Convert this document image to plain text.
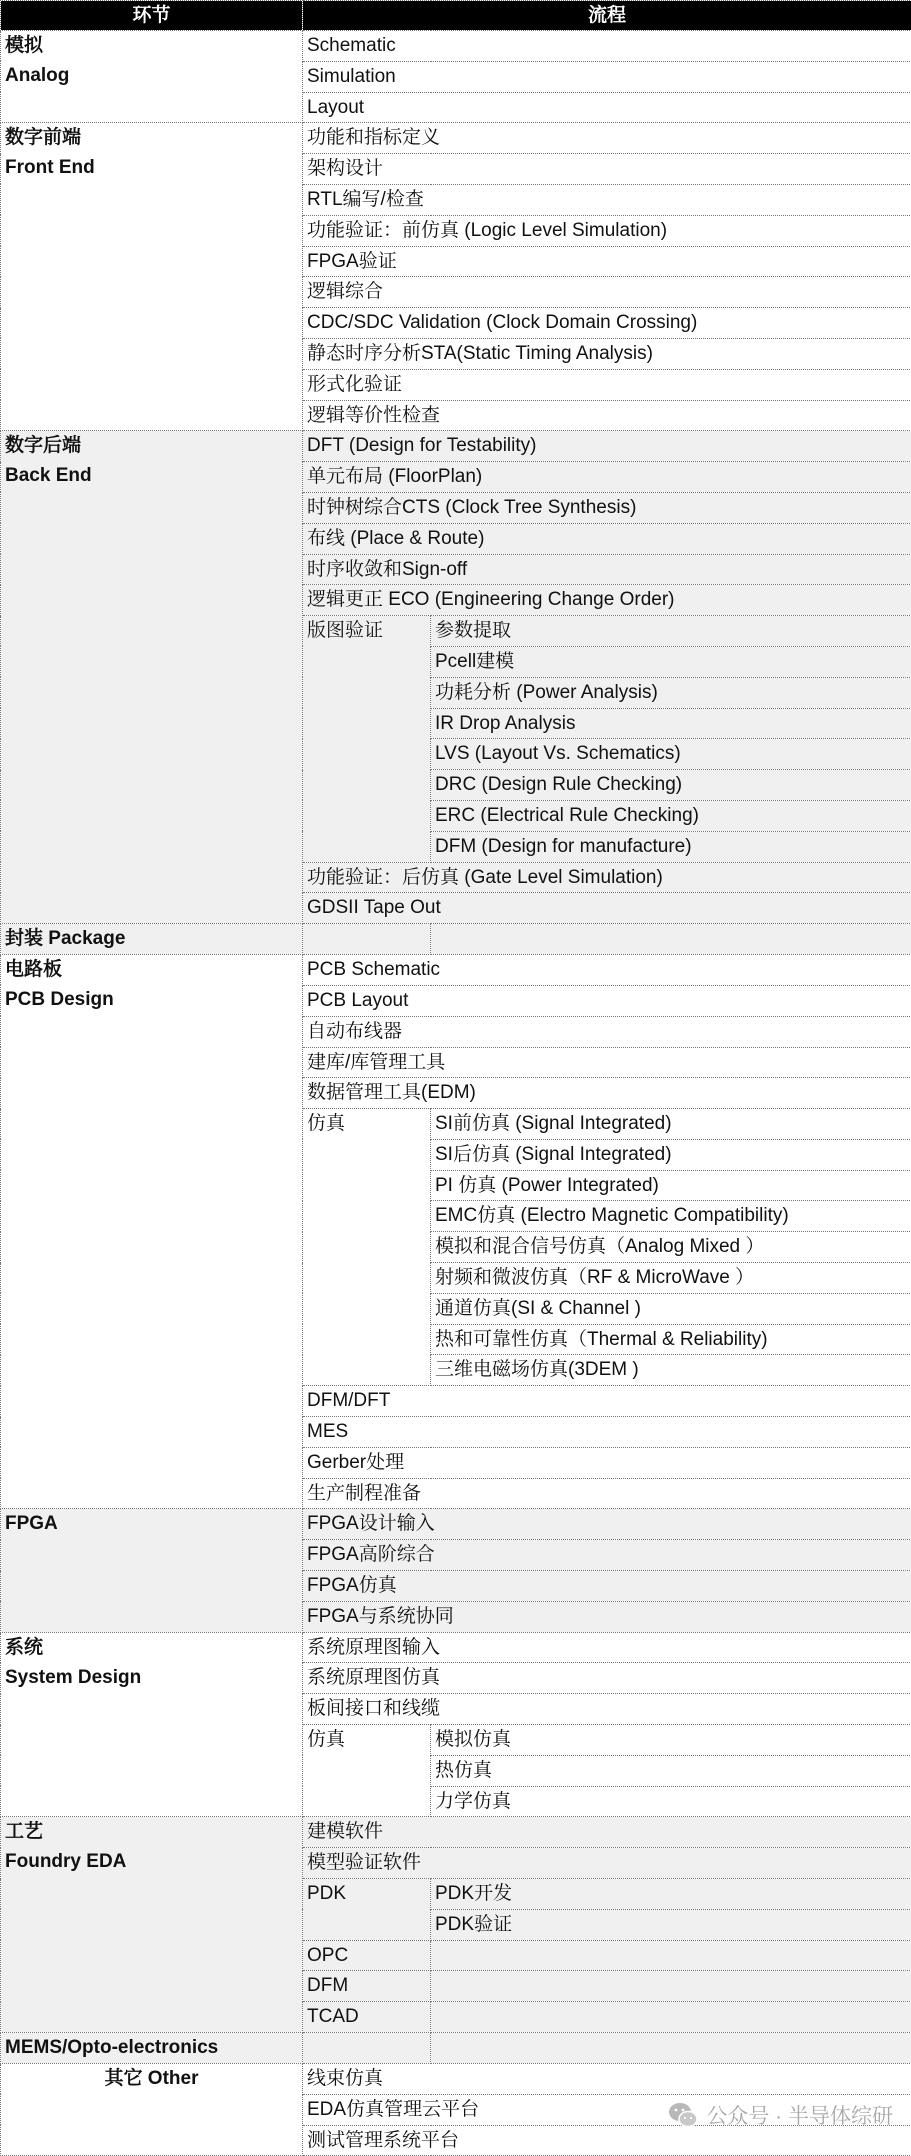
环节	流程	

模拟
Analog	Schematic	
	Simulation	
	Layout	

数字前端
Front End	功能和指标定义	
	架构设计	
	RTL编写/检查	
	功能验证：前仿真 (Logic Level Simulation)	
	FPGA验证	
	逻辑综合	
	CDC/SDC Validation (Clock Domain Crossing)	
	静态时序分析STA(Static Timing Analysis)	
	形式化验证	
	逻辑等价性检查	

数字后端
Back End	DFT (Design for Testability)	
	单元布局 (FloorPlan)	
	时钟树综合CTS (Clock Tree Synthesis)	
	布线 (Place & Route)	
	时序收敛和Sign-off	
	逻辑更正 ECO (Engineering Change Order)	
	版图验证	参数提取
		Pcell建模
		功耗分析 (Power Analysis)
		IR Drop Analysis
		LVS (Layout Vs. Schematics)
		DRC (Design Rule Checking)
		ERC (Electrical Rule Checking)
		DFM (Design for manufacture)
	功能验证：后仿真 (Gate Level Simulation)	
	GDSII Tape Out	

封装 Package		

电路板
PCB Design	PCB Schematic	
	PCB Layout	
	自动布线器	
	建库/库管理工具	
	数据管理工具(EDM)	
	仿真	SI前仿真 (Signal Integrated)
		SI后仿真 (Signal Integrated)
		PI 仿真 (Power Integrated)
		EMC仿真 (Electro Magnetic Compatibility)
		模拟和混合信号仿真（Analog Mixed ）
		射频和微波仿真（RF & MicroWave ）
		通道仿真(SI & Channel )
		热和可靠性仿真（Thermal & Reliability)
		三维电磁场仿真(3DEM )
	DFM/DFT	
	MES	
	Gerber处理	
	生产制程准备	

FPGA	FPGA设计输入	
	FPGA高阶综合	
	FPGA仿真	
	FPGA与系统协同	

系统
System Design	系统原理图输入	
	系统原理图仿真	
	板间接口和线缆	
	仿真	模拟仿真
		热仿真
		力学仿真

工艺
Foundry EDA	建模软件	
	模型验证软件	
	PDK	PDK开发
		PDK验证
	OPC	
	DFM	
	TCAD	

MEMS/Opto-electronics		

其它 Other	线束仿真	
	EDA仿真管理云平台	
	测试管理系统平台	
公众号 · 半导体综研
